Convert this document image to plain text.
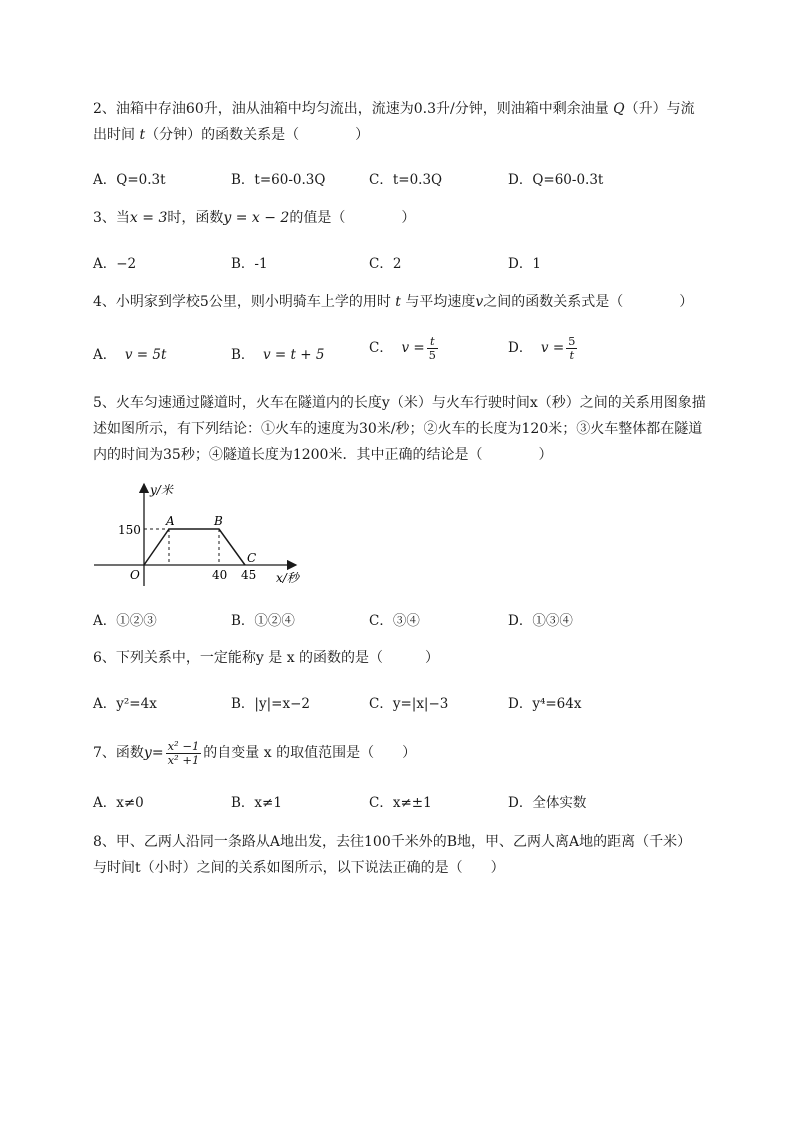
2、油箱中存油60升，油从油箱中均匀流出，流速为0.3升/分钟，则油箱中剩余油量 Q（升）与流
出时间 t（分钟）的函数关系是（　　　　）
A．Q=0.3t	B．t=60-0.3Q	C．t=0.3Q	D．Q=60-0.3t
3、当x = 3时，函数y = x − 2的值是（　　　　）
A．−2	B．-1	C．2	D．1
4、小明家到学校5公里，则小明骑车上学的用时 t 与平均速度v之间的函数关系式是（　　　　）
A． v = 5t	B． v = t + 5	C． $v = \frac{t}{5}$	D． $v = \frac{5}{t}$
5、火车匀速通过隧道时，火车在隧道内的长度y（米）与火车行驶时间x（秒）之间的关系用图象描
述如图所示，有下列结论：①火车的速度为30米/秒；②火车的长度为120米；③火车整体都在隧道
内的时间为35秒；④隧道长度为1200米．其中正确的结论是（　　　　）
y/米
150
A	B
C
O	40 45 x/秒
A．①②③	B．①②④	C．③④	D．①③④
6、下列关系中，一定能称y 是 x 的函数的是（　　　）
A．y²=4x	B．|y|=x−2	C．y=|x|−3	D．y⁴=64x
7、函数$y= \frac{\text{x² −1}}{\text{x² +1}}$ 的自变量 x 的取值范围是（　　）
A．x≠0	B．x≠1	C．x≠±1	D．全体实数
8、甲、乙两人沿同一条路从A地出发，去往100千米外的B地，甲、乙两人离A地的距离（千米）
与时间t（小时）之间的关系如图所示，以下说法正确的是（　　）
